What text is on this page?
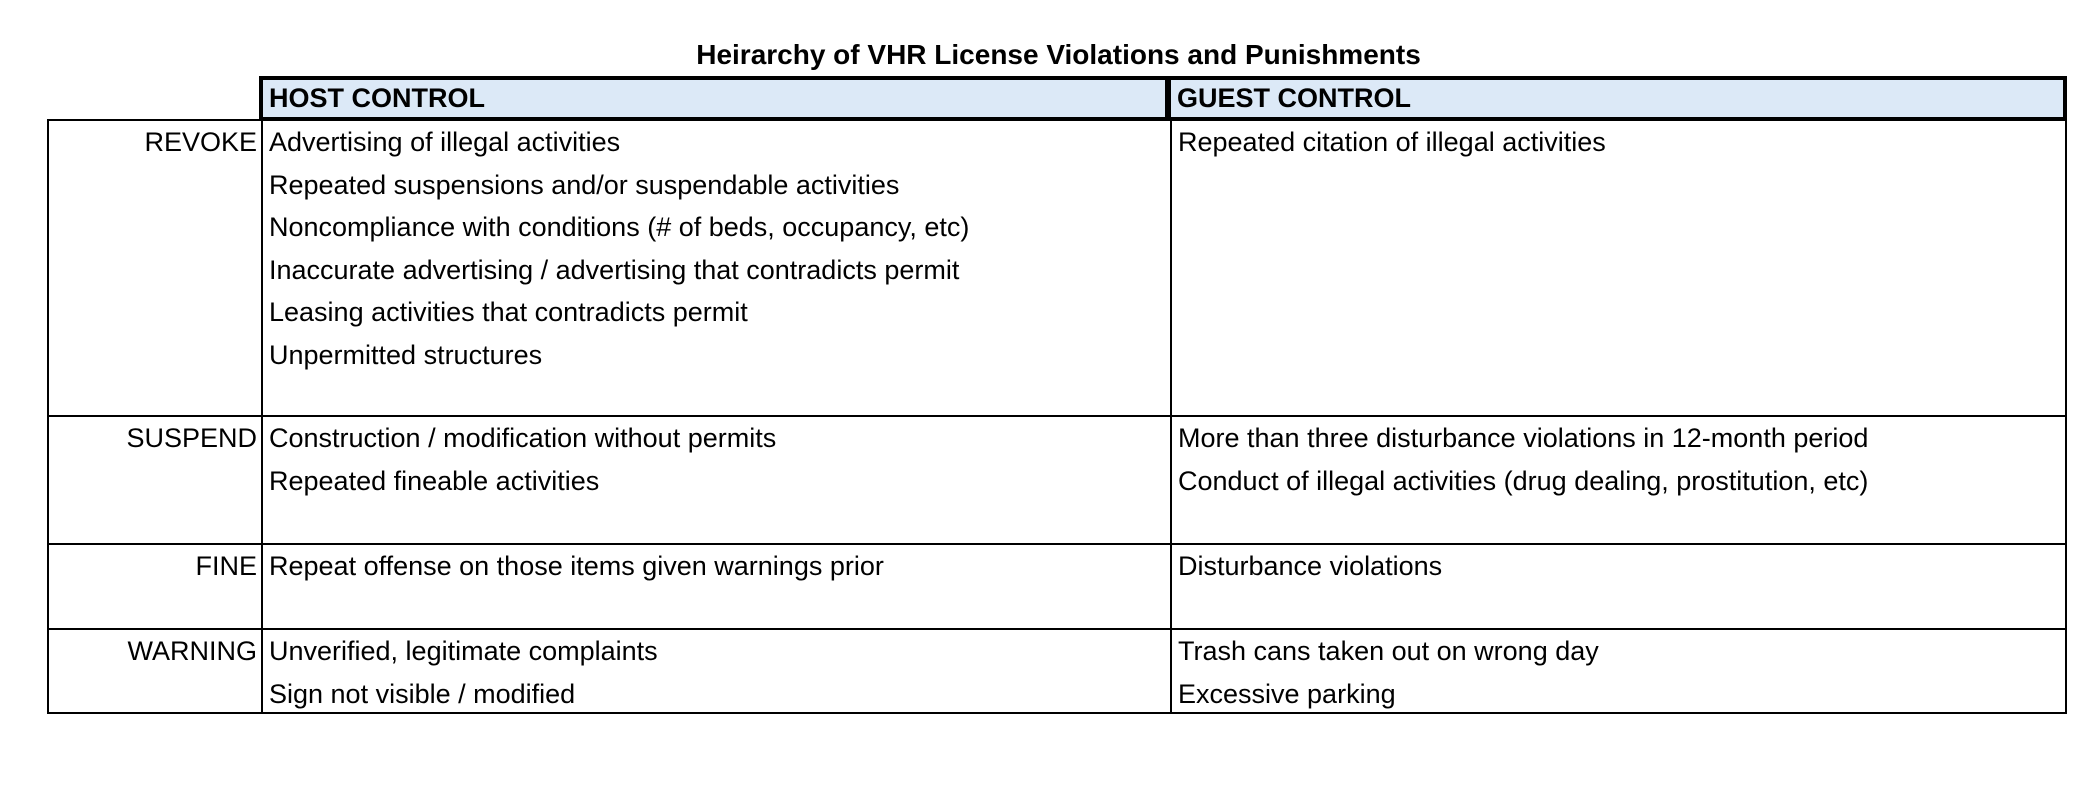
Heirarchy of VHR License Violations and Punishments
HOST CONTROL	GUEST CONTROL
REVOKE Advertising of illegal activities
Repeated suspensions and/or suspendable activities
Noncompliance with conditions (# of beds, occupancy, etc)
Inaccurate advertising / advertising that contradicts permit
Leasing activities that contradicts permit
Unpermitted structures
Repeated citation of illegal activities
SUSPEND Construction / modification without permits
Repeated fineable activities
More than three disturbance violations in 12-month period
Conduct of illegal activities (drug dealing, prostitution, etc)
FINE Repeat offense on those items given warnings prior	Disturbance violations
WARNING Unverified, legitimate complaints
Sign not visible / modified
Trash cans taken out on wrong day
Excessive parking
